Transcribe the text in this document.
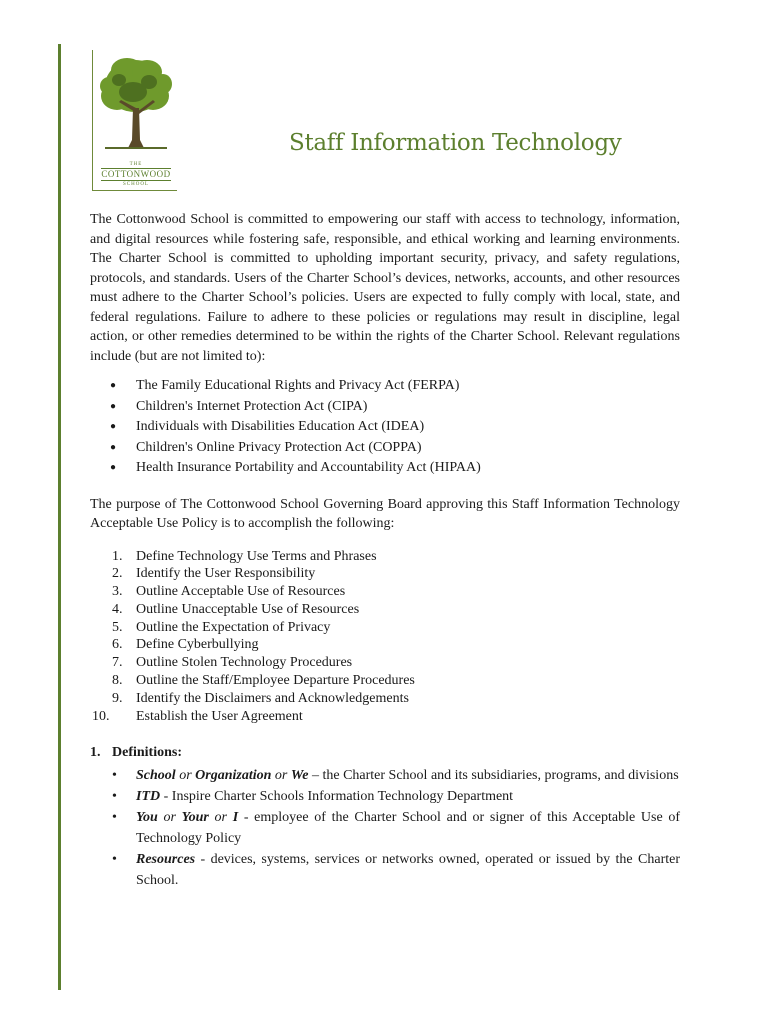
THE
COTTONWOOD
SCHOOL
Staff Information Technology

The Cottonwood School is committed to empowering our staff with access to technology, information, and digital resources while fostering safe, responsible, and ethical working and learning environments. The Charter School is committed to upholding important security, privacy, and safety regulations, protocols, and standards. Users of the Charter School’s devices, networks, accounts, and other resources must adhere to the Charter School’s policies. Users are expected to fully comply with local, state, and federal regulations. Failure to adhere to these policies or regulations may result in discipline, legal action, or other remedies determined to be within the rights of the Charter School. Relevant regulations include (but are not limited to):

● The Family Educational Rights and Privacy Act (FERPA)
● Children's Internet Protection Act (CIPA)
● Individuals with Disabilities Education Act (IDEA)
● Children's Online Privacy Protection Act (COPPA)
● Health Insurance Portability and Accountability Act (HIPAA)

The purpose of The Cottonwood School Governing Board approving this Staff Information Technology Acceptable Use Policy is to accomplish the following:

1. Define Technology Use Terms and Phrases
2. Identify the User Responsibility
3. Outline Acceptable Use of Resources
4. Outline Unacceptable Use of Resources
5. Outline the Expectation of Privacy
6. Define Cyberbullying
7. Outline Stolen Technology Procedures
8. Outline the Staff/Employee Departure Procedures
9. Identify the Disclaimers and Acknowledgements
10.	Establish the User Agreement
1. Definitions:
• School or Organization or We – the Charter School and its subsidiaries, programs, and divisions
• ITD - Inspire Charter Schools Information Technology Department
• You or Your or I - employee of the Charter School and or signer of this Acceptable Use of Technology Policy
• Resources - devices, systems, services or networks owned, operated or issued by the Charter School.
